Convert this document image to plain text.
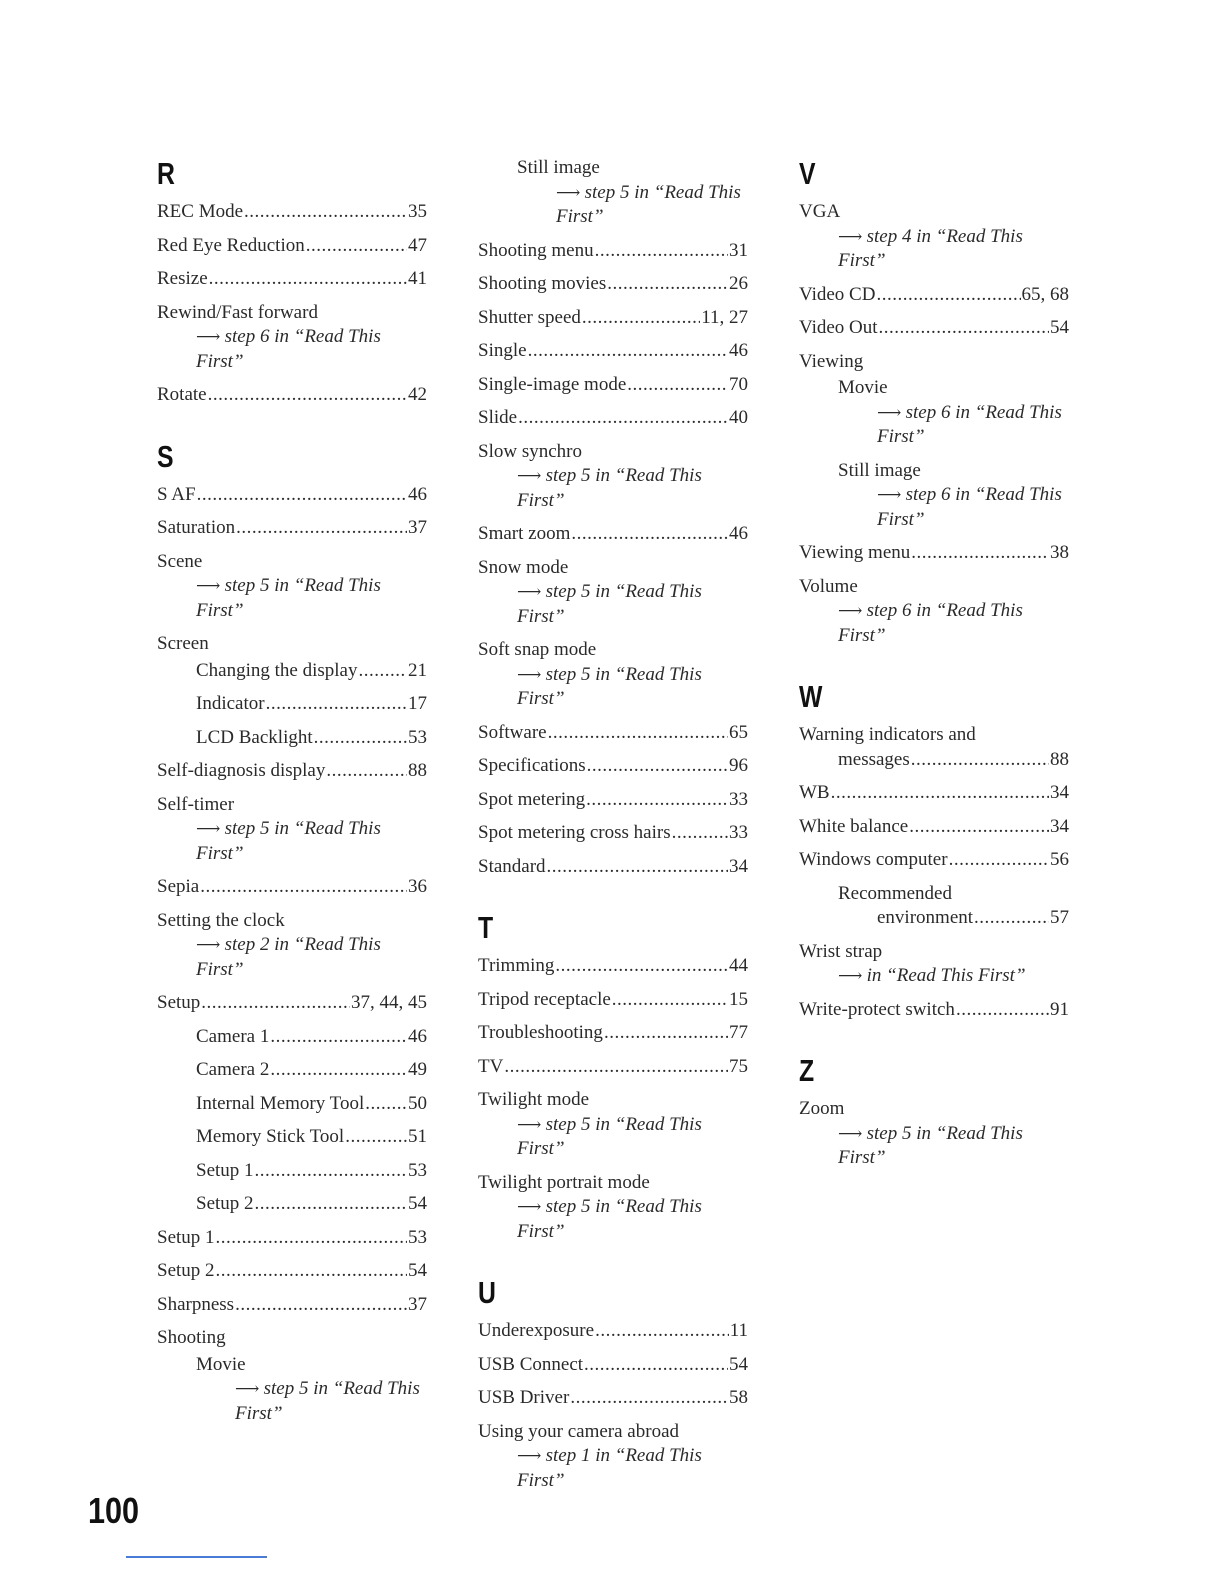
R
REC Mode .....	35
Red Eye Reduction .....	47
Resize .....	41
Rewind/Fast forward
⟶ step 6 in “Read This
First”
Rotate .....	42
S
S AF .....	46
Saturation .....	37
Scene
⟶ step 5 in “Read This
First”
Screen
Changing the display .....	21
Indicator .....	17
LCD Backlight .....	53
Self-diagnosis display .....	88
Self-timer
⟶ step 5 in “Read This
First”
Sepia .....	36
Setting the clock
⟶ step 2 in “Read This
First”
Setup .....	37, 44, 45
Camera 1 .....	46
Camera 2 .....	49
Internal Memory Tool ..... 50
Memory Stick Tool .....	51
Setup 1 .....	53
Setup 2 .....	54
Setup 1 .....	53
Setup 2 .....	54
Sharpness .....	37
Shooting
Movie
⟶ step 5 in “Read This
First”
Still image
⟶ step 5 in “Read This
First”
Shooting menu .....	31
Shooting movies .....	26
Shutter speed .....	11, 27
Single .....	46
Single-image mode .....	70
Slide .....	40
Slow synchro
⟶ step 5 in “Read This
First”
Smart zoom .....	46
Snow mode
⟶ step 5 in “Read This
First”
Soft snap mode
⟶ step 5 in “Read This
First”
Software .....	65
Specifications .....	96
Spot metering .....	33
Spot metering cross hairs .....	33
Standard .....	34
T
Trimming .....	44
Tripod receptacle .....	15
Troubleshooting .....	77
TV .....	75
Twilight mode
⟶ step 5 in “Read This
First”
Twilight portrait mode
⟶ step 5 in “Read This
First”
U
Underexposure .....	11
USB Connect .....	54
USB Driver .....	58
Using your camera abroad
⟶ step 1 in “Read This
First”
V
VGA
⟶ step 4 in “Read This
First”
Video CD .....	65, 68
Video Out .....	54
Viewing
Movie
⟶ step 6 in “Read This
First”
Still image
⟶ step 6 in “Read This
First”
Viewing menu .....	38
Volume
⟶ step 6 in “Read This
First”
W
Warning indicators and
messages .....	88
WB .....	34
White balance .....	34
Windows computer .....	56
Recommended
environment .....	57
Wrist strap
⟶ in “Read This First”
Write-protect switch .....	91
Z
Zoom
⟶ step 5 in “Read This
First”
100
